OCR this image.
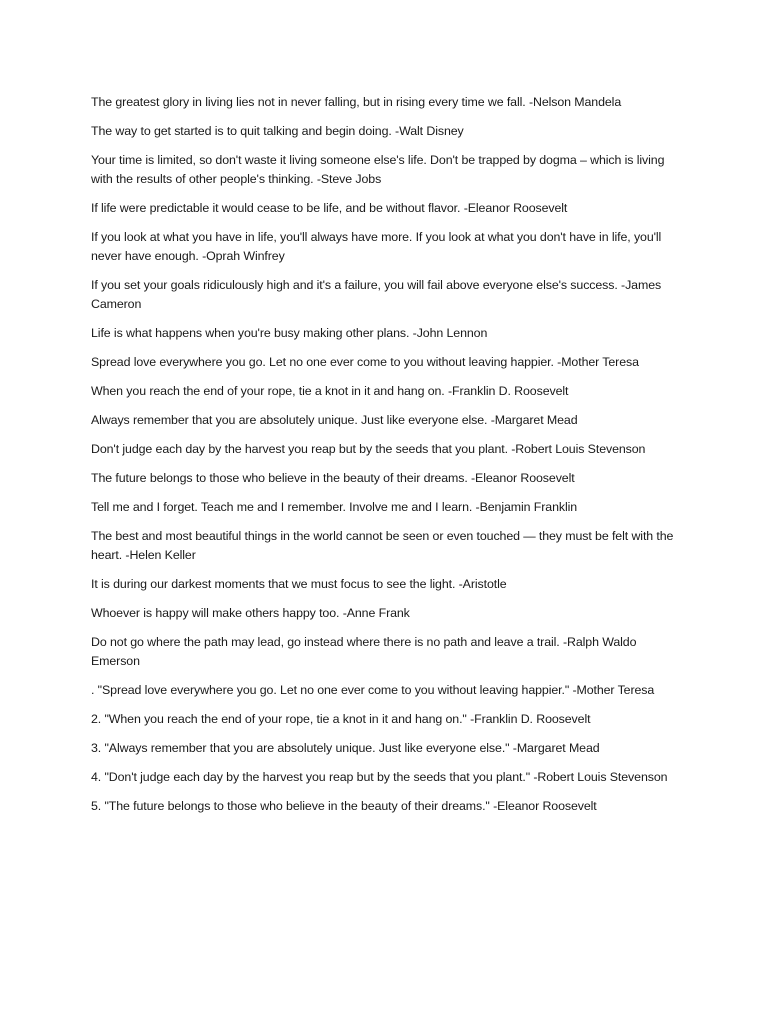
The greatest glory in living lies not in never falling, but in rising every time we fall. -Nelson Mandela

The way to get started is to quit talking and begin doing. -Walt Disney

Your time is limited, so don't waste it living someone else's life. Don't be trapped by dogma – which is living with the results of other people's thinking. -Steve Jobs

If life were predictable it would cease to be life, and be without flavor. -Eleanor Roosevelt

If you look at what you have in life, you'll always have more. If you look at what you don't have in life, you'll never have enough. -Oprah Winfrey

If you set your goals ridiculously high and it's a failure, you will fail above everyone else's success. -James Cameron

Life is what happens when you're busy making other plans. -John Lennon

Spread love everywhere you go. Let no one ever come to you without leaving happier. -Mother Teresa

When you reach the end of your rope, tie a knot in it and hang on. -Franklin D. Roosevelt

Always remember that you are absolutely unique. Just like everyone else. -Margaret Mead

Don't judge each day by the harvest you reap but by the seeds that you plant. -Robert Louis Stevenson

The future belongs to those who believe in the beauty of their dreams. -Eleanor Roosevelt

Tell me and I forget. Teach me and I remember. Involve me and I learn. -Benjamin Franklin

The best and most beautiful things in the world cannot be seen or even touched — they must be felt with the heart. -Helen Keller

It is during our darkest moments that we must focus to see the light. -Aristotle

Whoever is happy will make others happy too. -Anne Frank

Do not go where the path may lead, go instead where there is no path and leave a trail. -Ralph Waldo Emerson

. "Spread love everywhere you go. Let no one ever come to you without leaving happier." -Mother Teresa

2. "When you reach the end of your rope, tie a knot in it and hang on." -Franklin D. Roosevelt

3. "Always remember that you are absolutely unique. Just like everyone else." -Margaret Mead

4. "Don't judge each day by the harvest you reap but by the seeds that you plant." -Robert Louis Stevenson

5. "The future belongs to those who believe in the beauty of their dreams." -Eleanor Roosevelt
